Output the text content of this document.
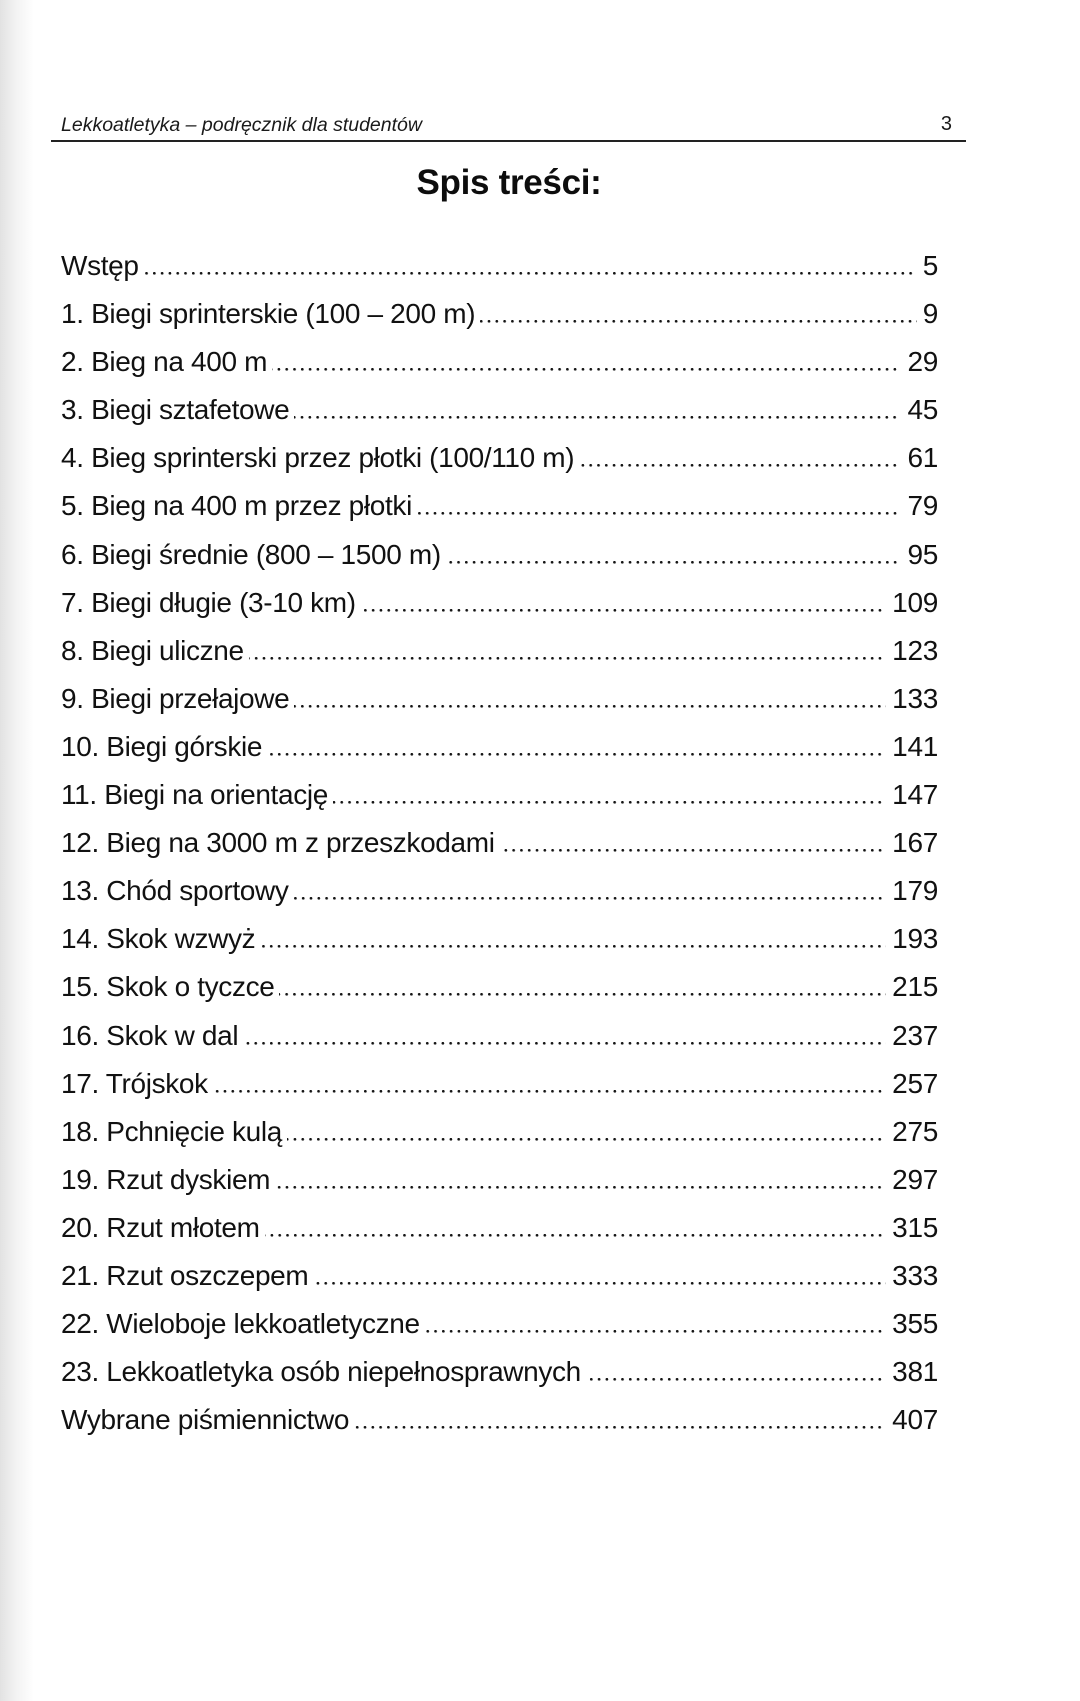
Lekkoatletyka – podręcznik dla studentów	3
Spis treści:
Wstęp	5
1. Biegi sprinterskie (100 – 200 m)	9
2. Bieg na 400 m	29
3. Biegi sztafetowe	45
4. Bieg sprinterski przez płotki (100/110 m)	61
5. Bieg na 400 m przez płotki	79
6. Biegi średnie (800 – 1500 m)	95
7. Biegi długie (3-10 km)	109
8. Biegi uliczne	123
9. Biegi przełajowe	133
10. Biegi górskie	141
11. Biegi na orientację	147
12. Bieg na 3000 m z przeszkodami	167
13. Chód sportowy	179
14. Skok wzwyż	193
15. Skok o tyczce	215
16. Skok w dal	237
17. Trójskok	257
18. Pchnięcie kulą	275
19. Rzut dyskiem	297
20. Rzut młotem	315
21. Rzut oszczepem	333
22. Wieloboje lekkoatletyczne	355
23. Lekkoatletyka osób niepełnosprawnych	381
Wybrane piśmiennictwo	407
